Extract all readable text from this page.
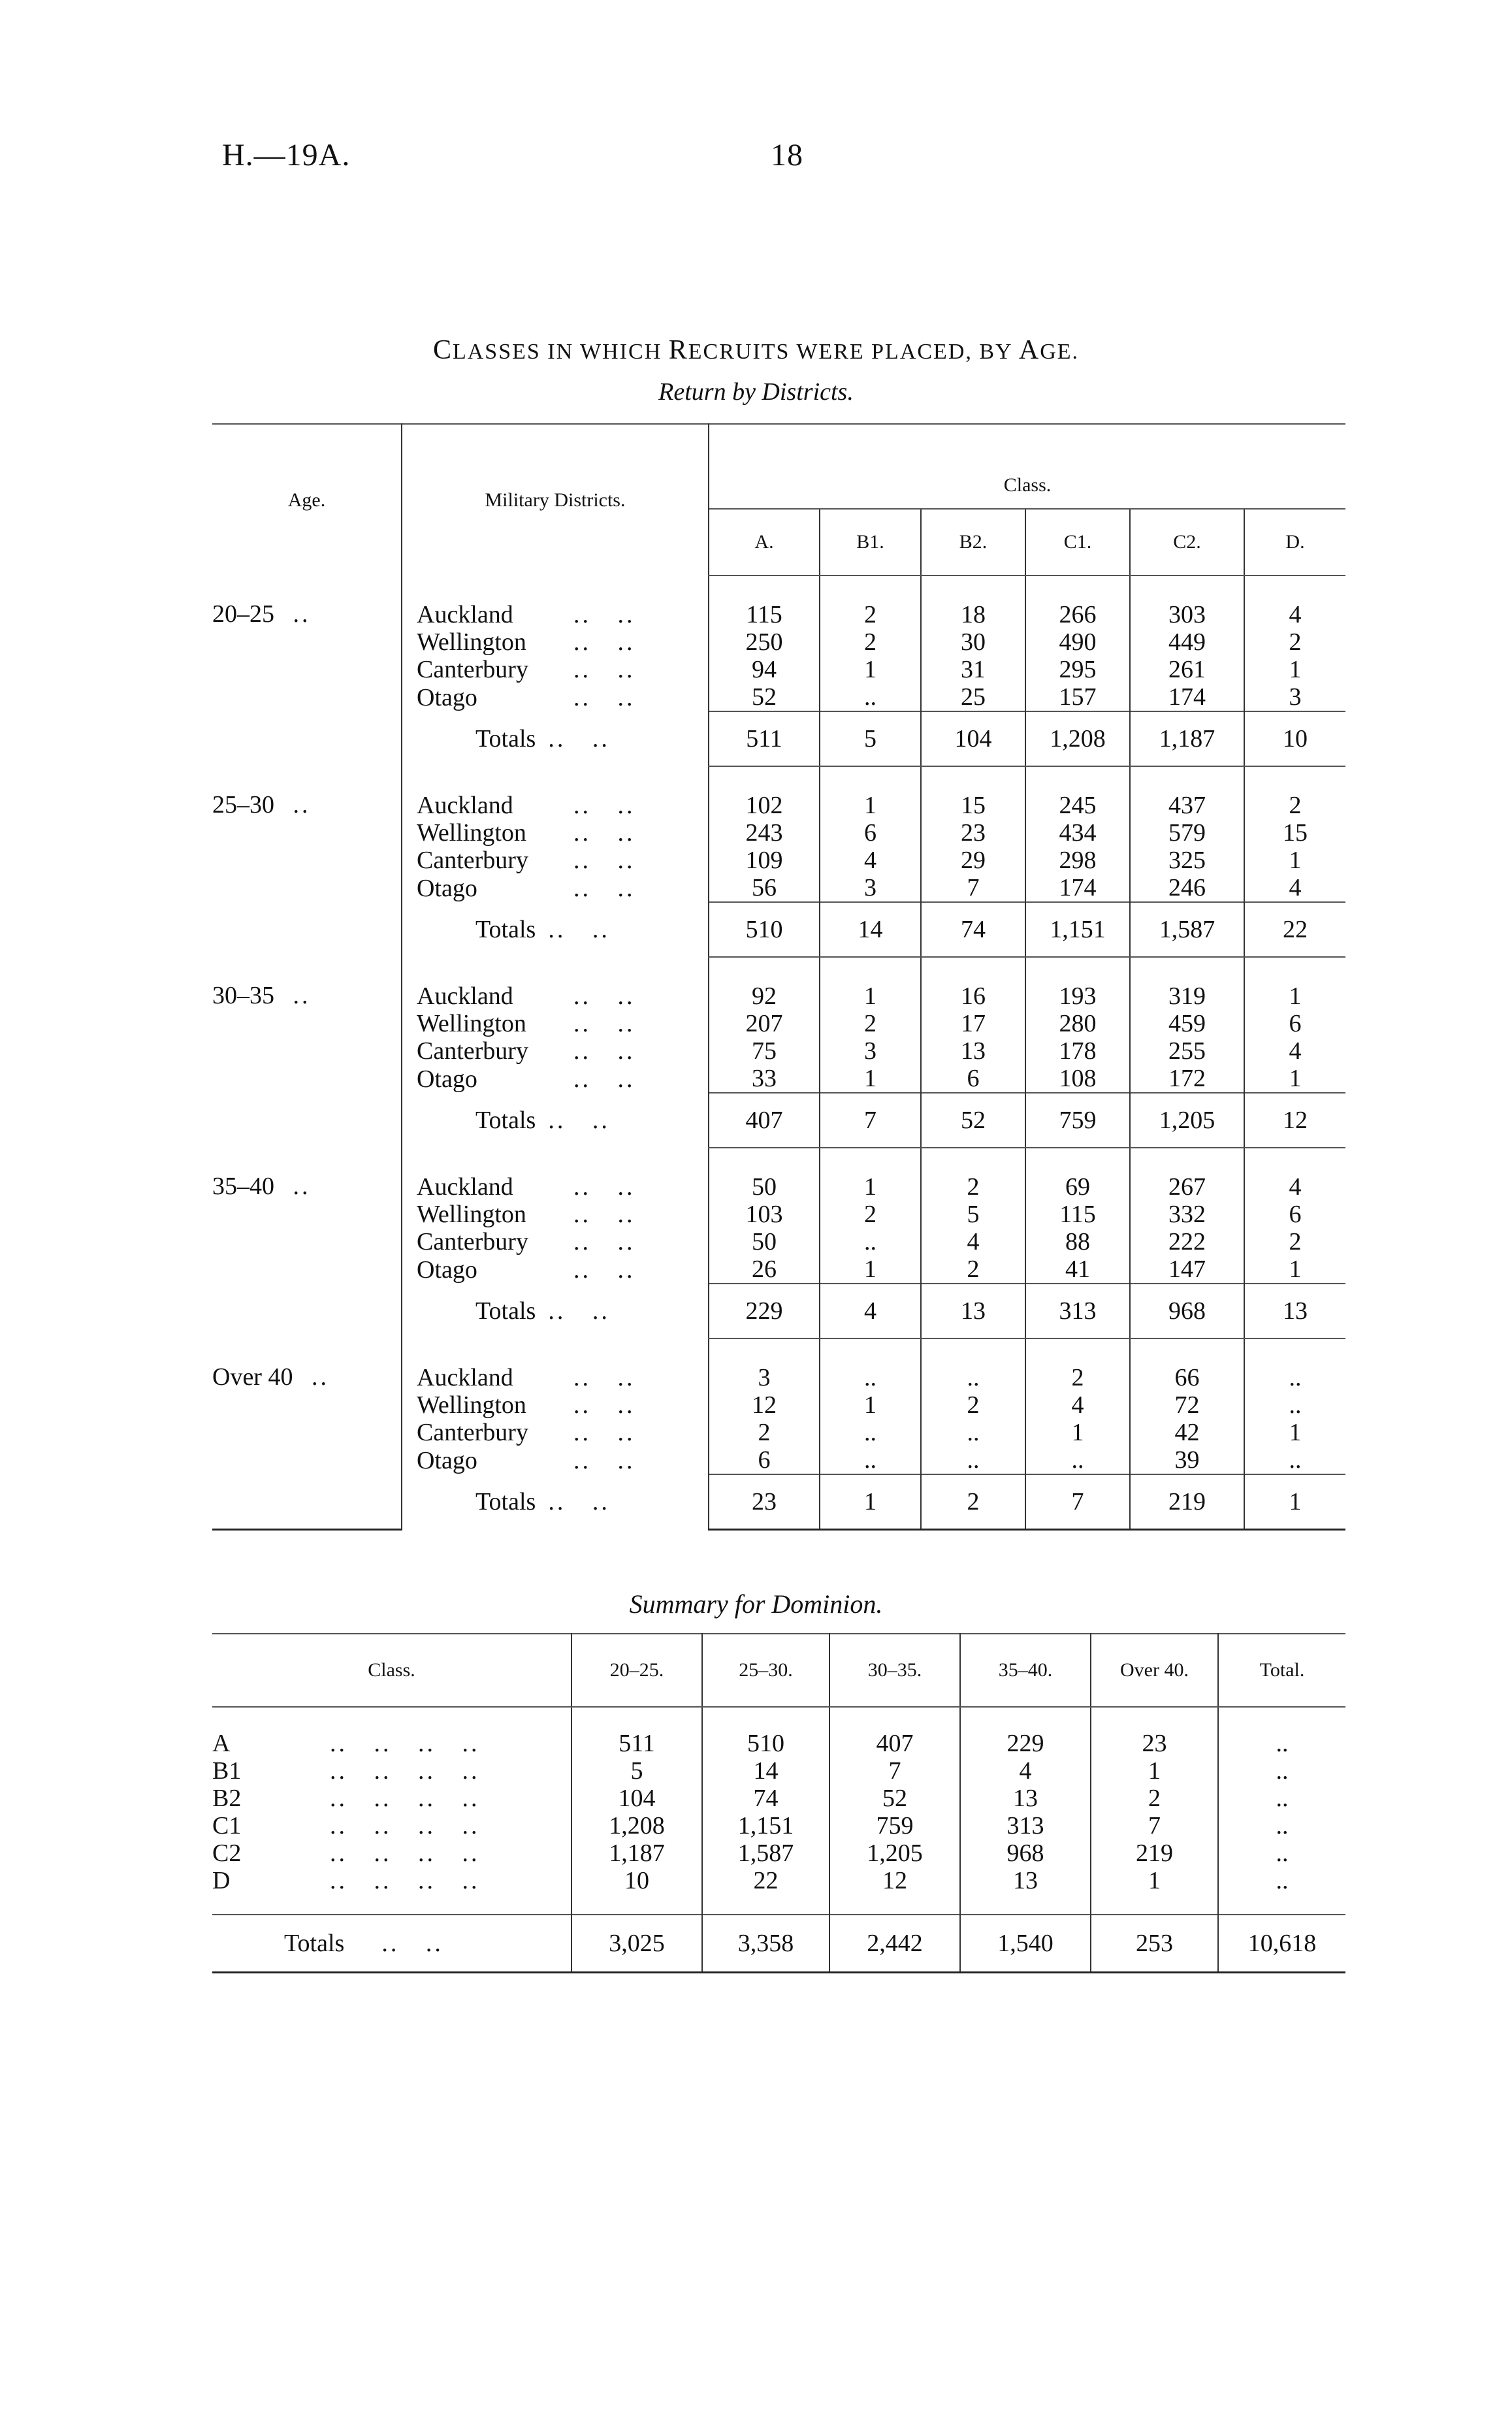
H.—19A.	18
CLASSES IN WHICH RECRUITS WERE PLACED, BY AGE.
Return by Districts.
Age.	Military Districts.	Class.					
		A.	B1.	B2.	C1.	C2.	D.
20–25 ..	Auckland ..   ..	115	2	18	266	303	4
	Wellington ..   ..	250	2	30	490	449	2
	Canterbury ..   ..	94	1	31	295	261	1
	Otago ..   ..	52	..	25	157	174	3
	Totals ..   ..	511	5	104	1,208	1,187	10
25–30 ..	Auckland ..   ..	102	1	15	245	437	2
	Wellington ..   ..	243	6	23	434	579	15
	Canterbury ..   ..	109	4	29	298	325	1
	Otago ..   ..	56	3	7	174	246	4
	Totals ..   ..	510	14	74	1,151	1,587	22
30–35 ..	Auckland ..   ..	92	1	16	193	319	1
	Wellington ..   ..	207	2	17	280	459	6
	Canterbury ..   ..	75	3	13	178	255	4
	Otago ..   ..	33	1	6	108	172	1
	Totals ..   ..	407	7	52	759	1,205	12
35–40 ..	Auckland ..   ..	50	1	2	69	267	4
	Wellington ..   ..	103	2	5	115	332	6
	Canterbury ..   ..	50	..	4	88	222	2
	Otago ..   ..	26	1	2	41	147	1
	Totals ..   ..	229	4	13	313	968	13
Over 40 ..	Auckland ..   ..	3	..	..	2	66	..
	Wellington ..   ..	12	1	2	4	72	..
	Canterbury ..   ..	2	..	..	1	42	1
	Otago ..   ..	6	..	..	..	39	..
	Totals ..   ..	23	1	2	7	219	1
Summary for Dominion.
Class.	20–25.	25–30.	30–35.	35–40.	Over 40.	Total.
A ..   ..   ..   ..	511	510	407	229	23	..
B1 ..   ..   ..   ..	5	14	7	4	1	..
B2 ..   ..   ..   ..	104	74	52	13	2	..
C1 ..   ..   ..   ..	1,208	1,151	759	313	7	..
C2 ..   ..   ..   ..	1,187	1,587	1,205	968	219	..
D ..   ..   ..   ..	10	22	12	13	1	..
Totals ..   ..	3,025	3,358	2,442	1,540	253	10,618
